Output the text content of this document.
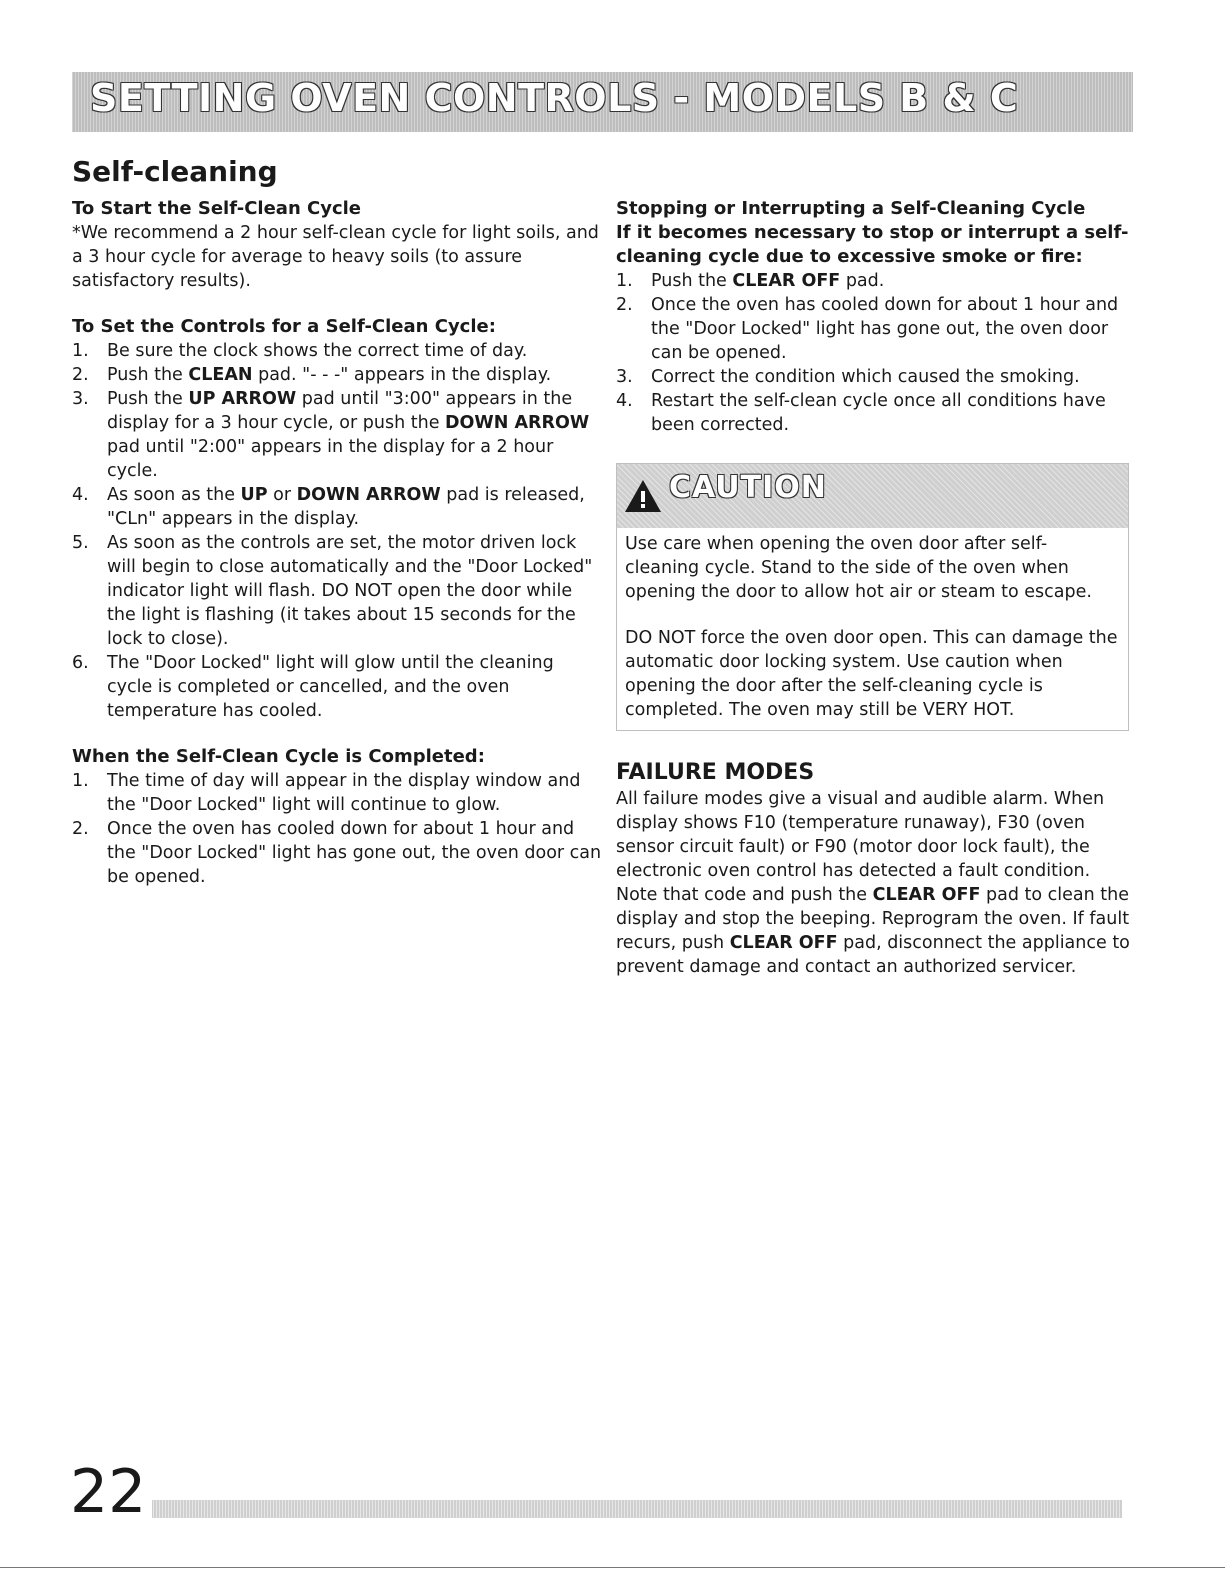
SETTING OVEN CONTROLS - MODELS B & C
Self-cleaning
To Start the Self-Clean Cycle

*We recommend a 2 hour self-clean cycle for light soils, and a 3 hour cycle for average to heavy soils (to assure satisfactory results).

To Set the Controls for a Self-Clean Cycle:
1. Be sure the clock shows the correct time of day.
2. Push the CLEAN pad. "- - -" appears in the display.
3. Push the UP ARROW pad until "3:00" appears in the display for a 3 hour cycle, or push the DOWN ARROW pad until "2:00" appears in the display for a 2 hour cycle.
4. As soon as the UP or DOWN ARROW pad is released, "CLn" appears in the display.
5. As soon as the controls are set, the motor driven lock will begin to close automatically and the "Door Locked" indicator light will flash. DO NOT open the door while the light is flashing (it takes about 15 seconds for the lock to close).
6. The "Door Locked" light will glow until the cleaning cycle is completed or cancelled, and the oven temperature has cooled.
When the Self-Clean Cycle is Completed:
1. The time of day will appear in the display window and the "Door Locked" light will continue to glow.
2. Once the oven has cooled down for about 1 hour and the "Door Locked" light has gone out, the oven door can be opened.
Stopping or Interrupting a Self-Cleaning Cycle
If it becomes necessary to stop or interrupt a self-cleaning cycle due to excessive smoke or fire:
1. Push the CLEAR OFF pad.
2. Once the oven has cooled down for about 1 hour and the "Door Locked" light has gone out, the oven door can be opened.
3. Correct the condition which caused the smoking.
4. Restart the self-clean cycle once all conditions have been corrected.
CAUTION

Use care when opening the oven door after self-cleaning cycle. Stand to the side of the oven when opening the door to allow hot air or steam to escape.

DO NOT force the oven door open. This can damage the automatic door locking system. Use caution when opening the door after the self-cleaning cycle is completed. The oven may still be VERY HOT.

FAILURE MODES

All failure modes give a visual and audible alarm. When display shows F10 (temperature runaway), F30 (oven sensor circuit fault) or F90 (motor door lock fault), the electronic oven control has detected a fault condition. Note that code and push the CLEAR OFF pad to clean the display and stop the beeping. Reprogram the oven. If fault recurs, push CLEAR OFF pad, disconnect the appliance to prevent damage and contact an authorized servicer.

22
